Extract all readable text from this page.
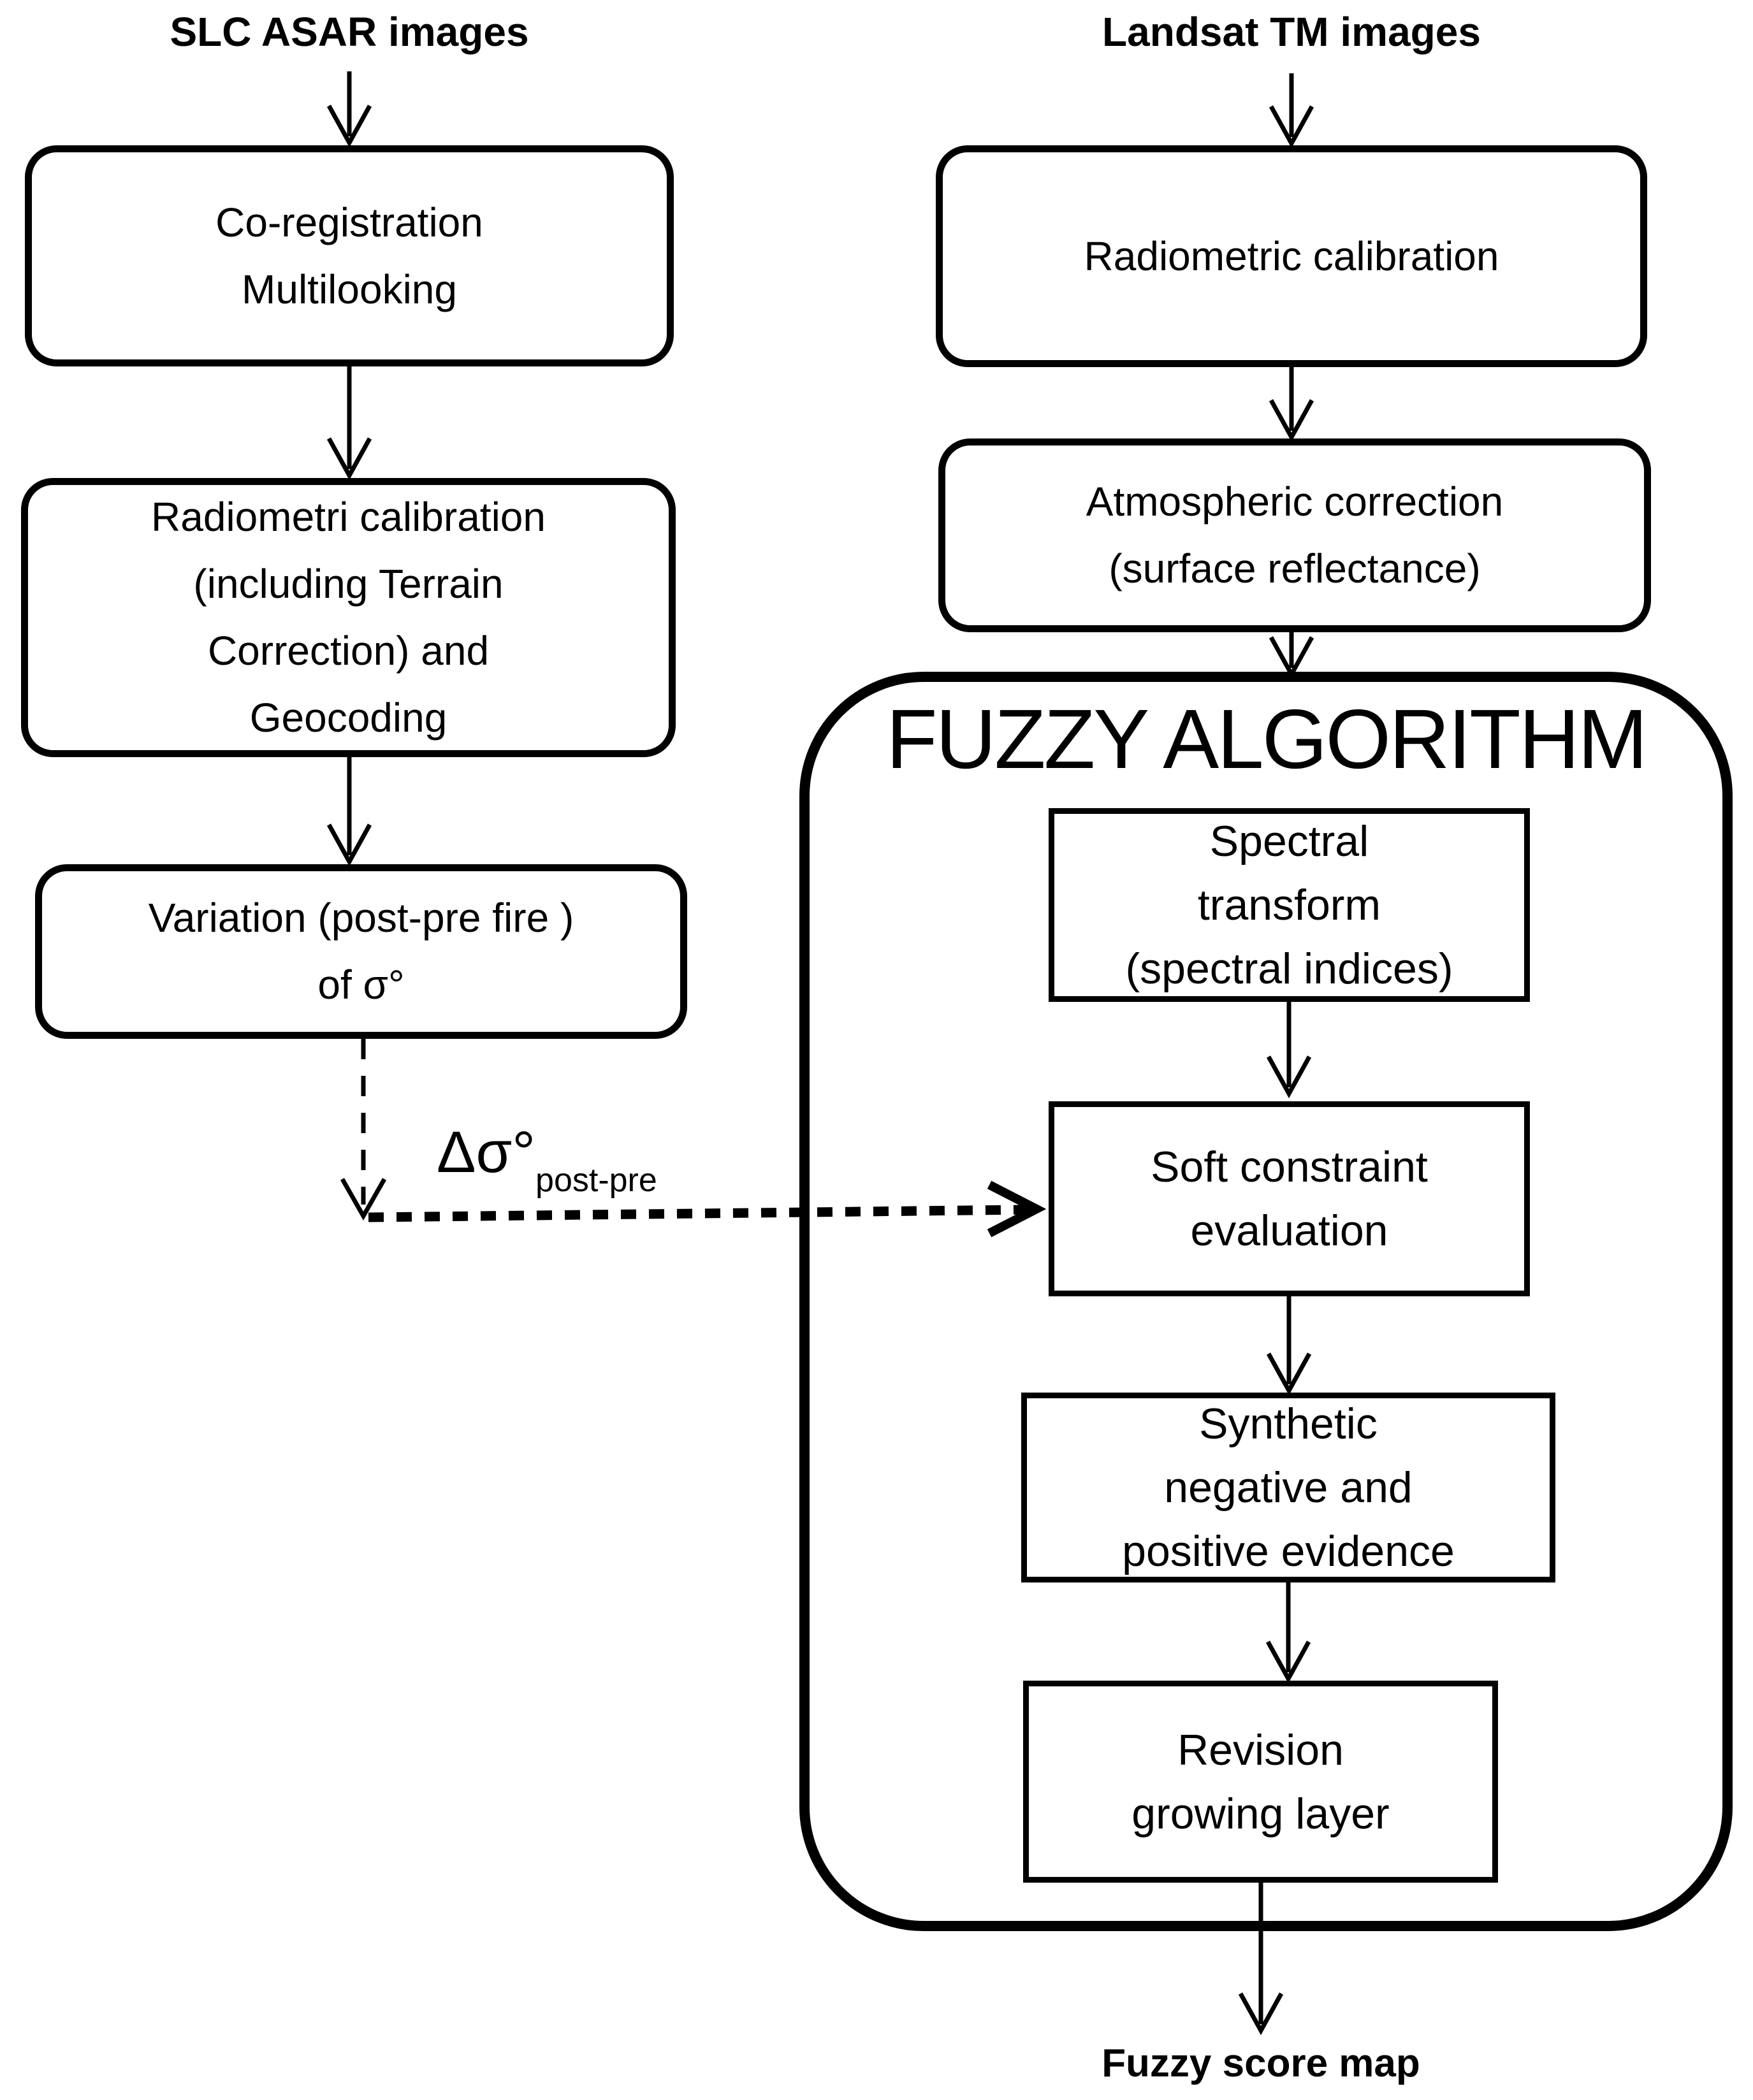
SLC ASAR images	Landsat TM images
Co-registration
Multilooking
Radiometri calibration
(including Terrain
Correction) and
Geocoding
Variation (post-pre fire )
of σ°
$\Delta\sigma^\circ_{post-pre}$
Radiometric calibration
Atmospheric correction
(surface reflectance)
FUZZY ALGORITHM
Spectral
transform
(spectral indices)
Soft constraint
evaluation
Synthetic
negative and
positive evidence
Revision
growing layer
Fuzzy score map
